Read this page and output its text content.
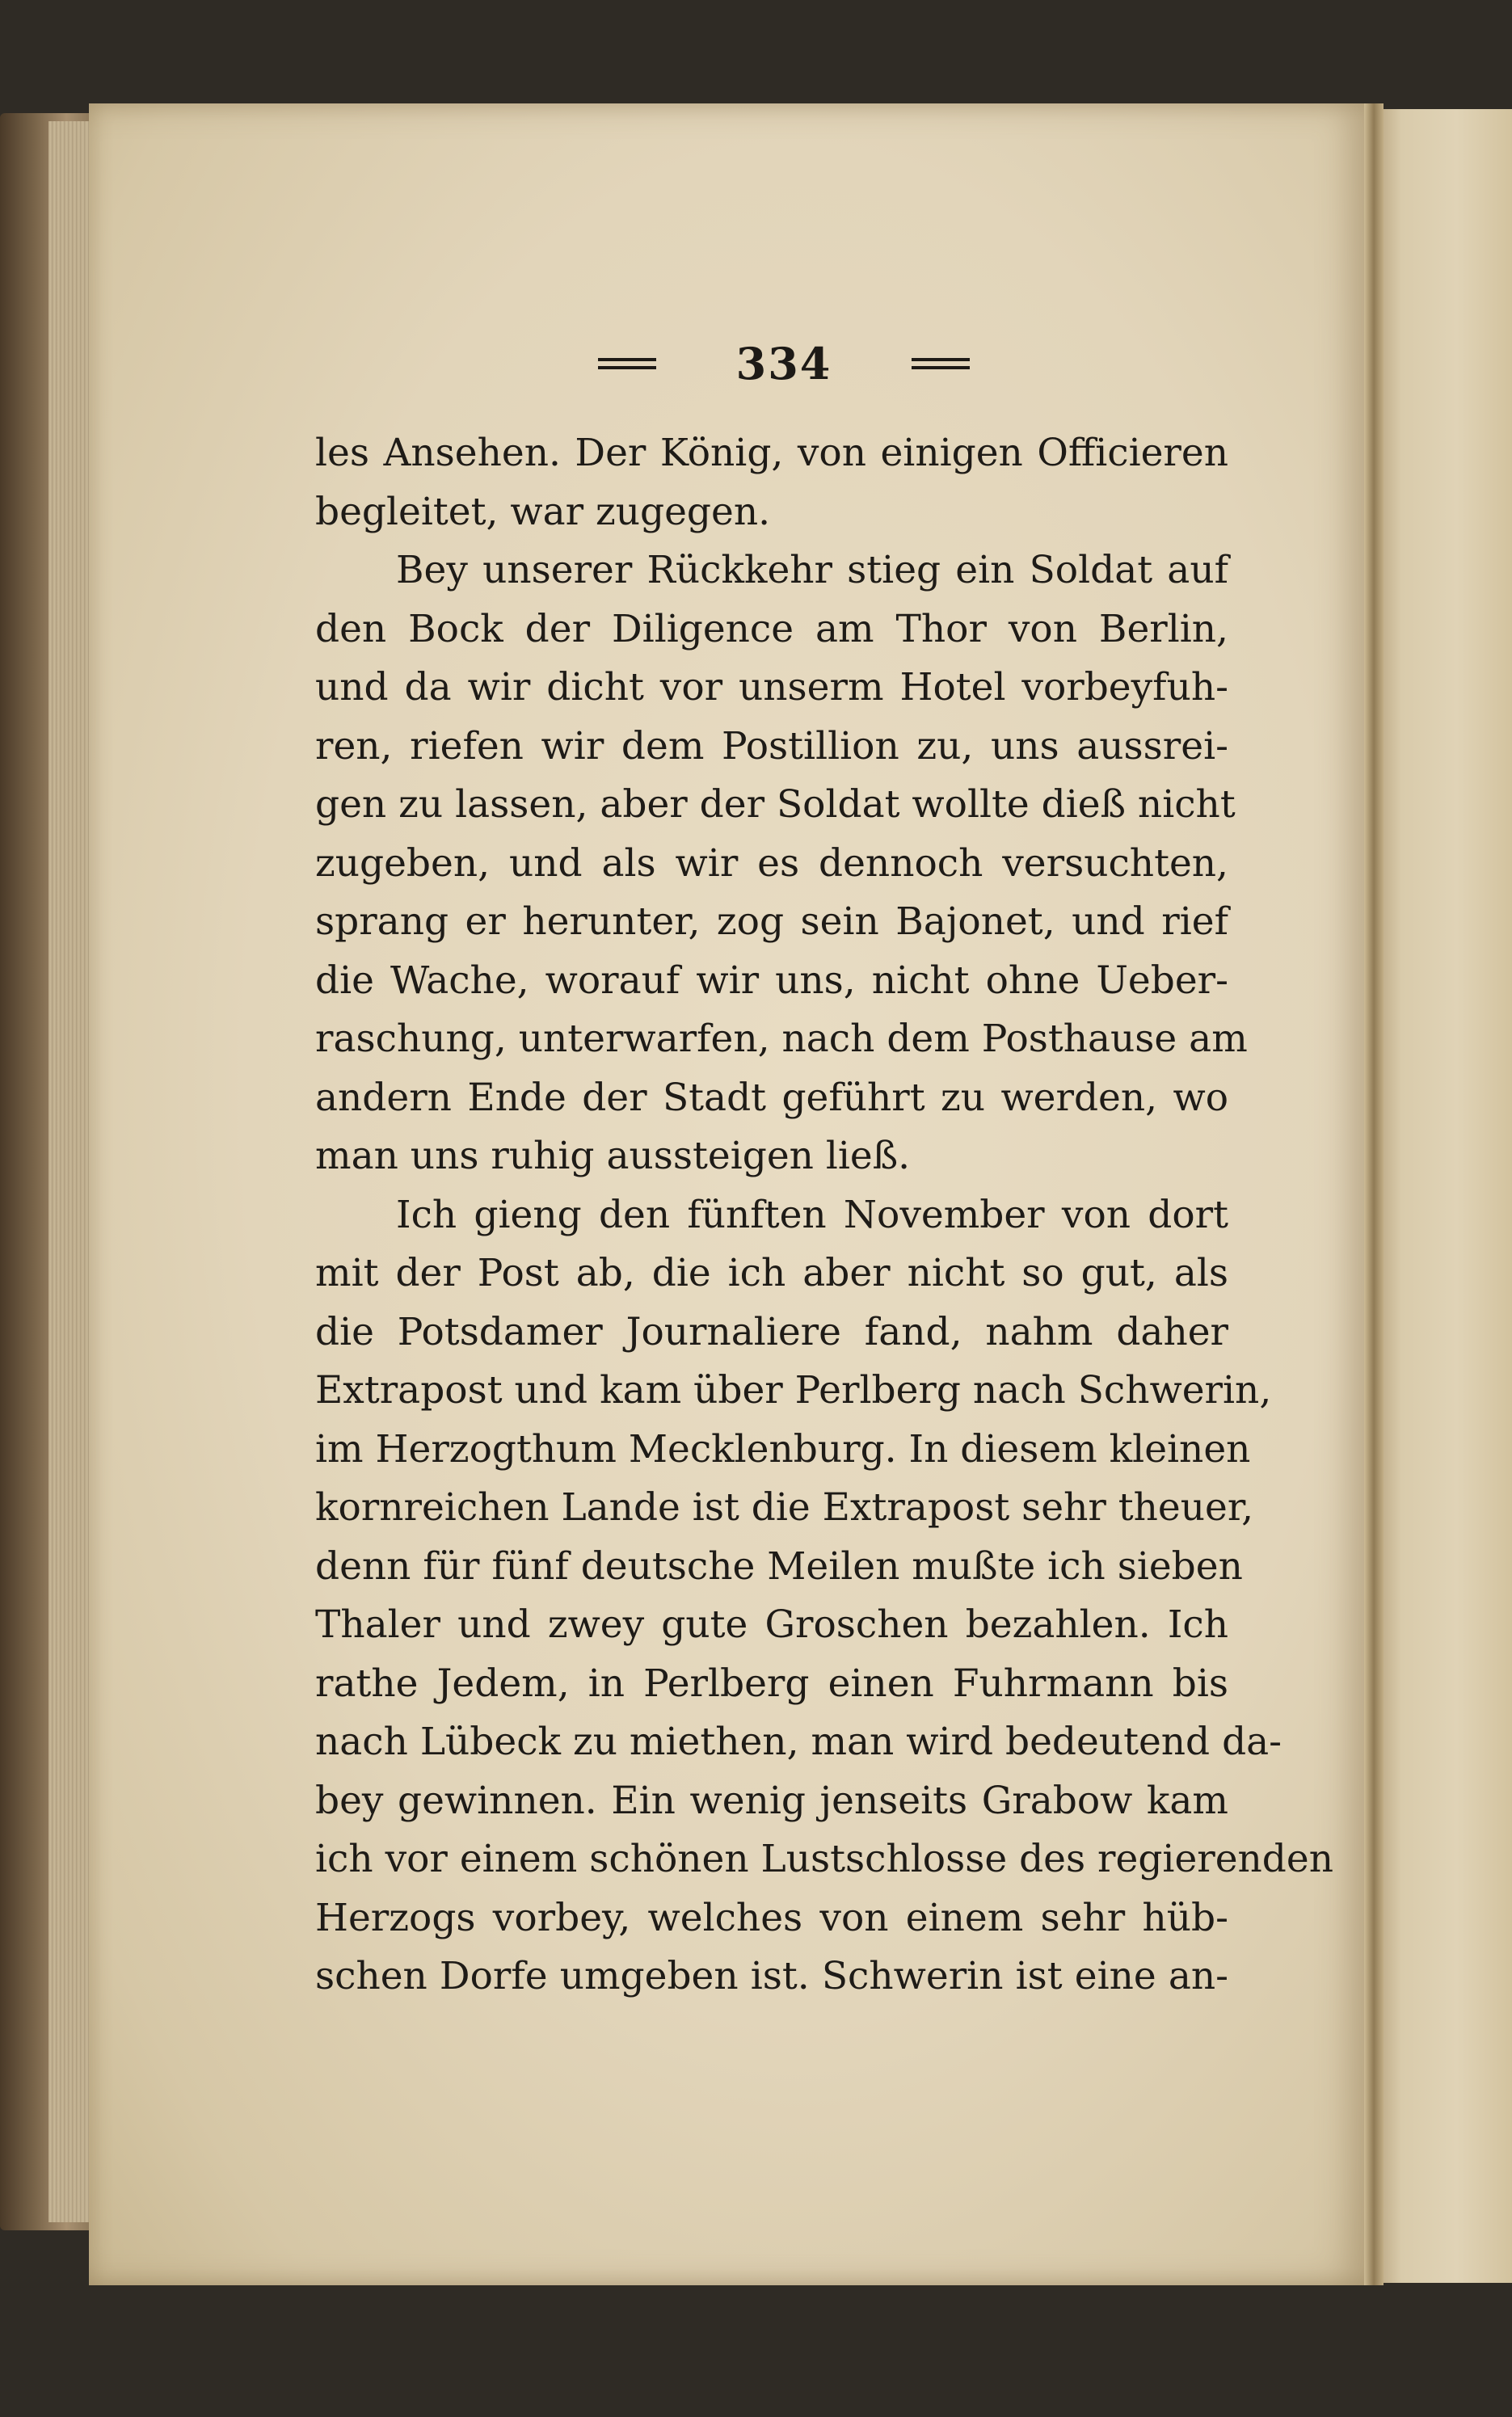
334
les Ansehen. Der König, von einigen Officieren
begleitet, war zugegen.
Bey unserer Rückkehr stieg ein Soldat auf
den Bock der Diligence am Thor von Berlin,
und da wir dicht vor unserm Hotel vorbeyfuh-
ren, riefen wir dem Postillion zu, uns aussrei-
gen zu lassen, aber der Soldat wollte dieß nicht
zugeben, und als wir es dennoch versuchten,
sprang er herunter, zog sein Bajonet, und rief
die Wache, worauf wir uns, nicht ohne Ueber-
raschung, unterwarfen, nach dem Posthause am
andern Ende der Stadt geführt zu werden, wo
man uns ruhig aussteigen ließ.
Ich gieng den fünften November von dort
mit der Post ab, die ich aber nicht so gut, als
die Potsdamer Journaliere fand, nahm daher
Extrapost und kam über Perlberg nach Schwerin,
im Herzogthum Mecklenburg. In diesem kleinen
kornreichen Lande ist die Extrapost sehr theuer,
denn für fünf deutsche Meilen mußte ich sieben
Thaler und zwey gute Groschen bezahlen. Ich
rathe Jedem, in Perlberg einen Fuhrmann bis
nach Lübeck zu miethen, man wird bedeutend da-
bey gewinnen. Ein wenig jenseits Grabow kam
ich vor einem schönen Lustschlosse des regierenden
Herzogs vorbey, welches von einem sehr hüb-
schen Dorfe umgeben ist. Schwerin ist eine an-
